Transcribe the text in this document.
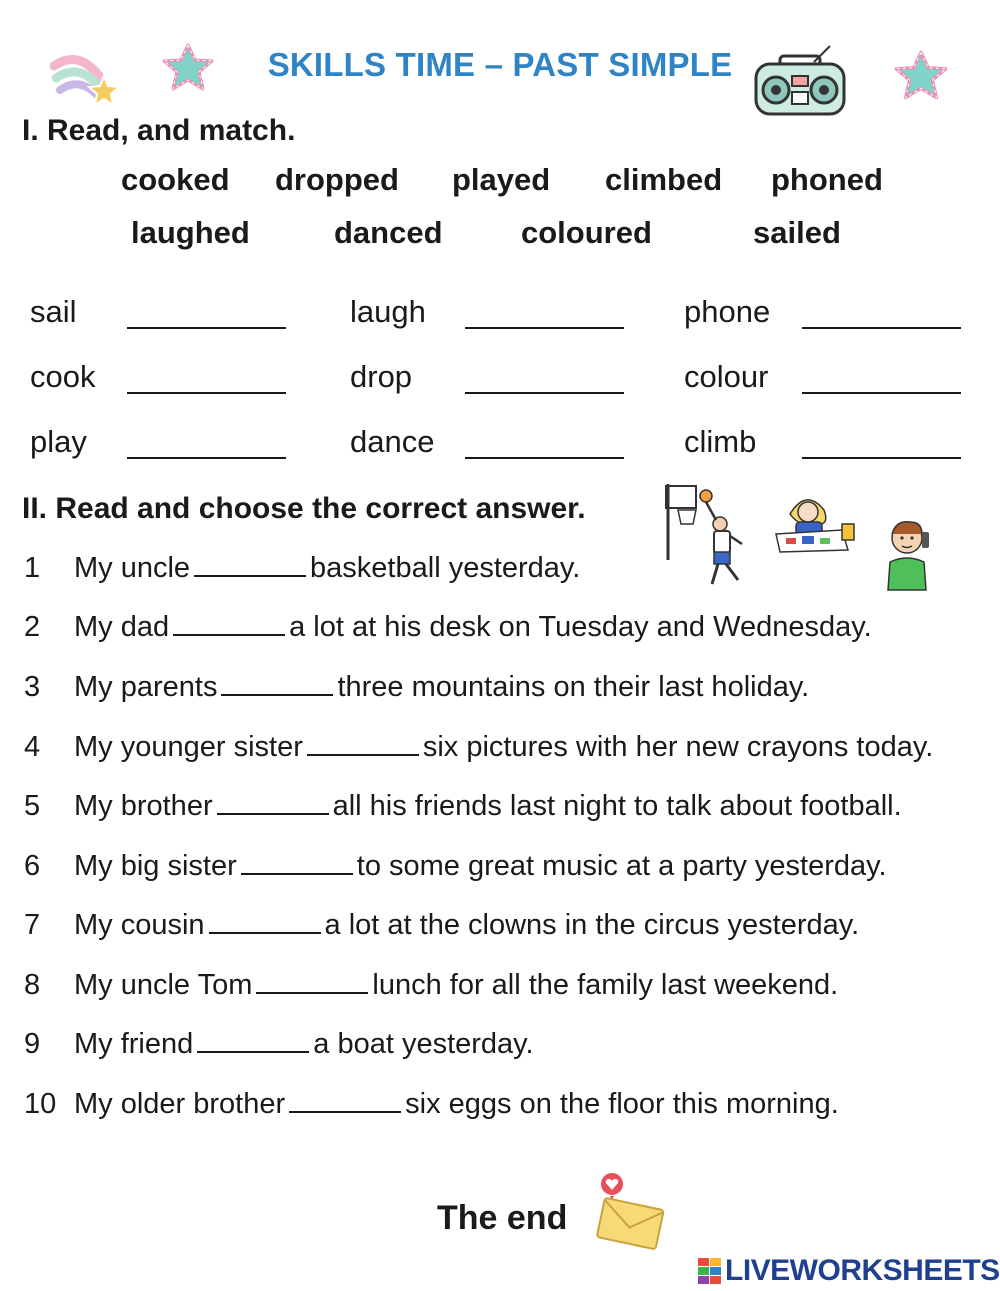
SKILLS TIME – PAST SIMPLE
I. Read, and match.
cooked dropped played climbed phoned
laughed	danced	coloured	sailed
sail	laugh	phone
cook	drop	colour
play	dance	climb
II. Read and choose the correct answer.
1 My uncle	basketball yesterday.
2 My dad	a lot at his desk on Tuesday and Wednesday.
3 My parents	three mountains on their last holiday.
4 My younger sister	six pictures with her new crayons today.
5 My brother	all his friends last night to talk about football.
6 My big sister	to some great music at a party yesterday.
7 My cousin	a lot at the clowns in the circus yesterday.
8 My uncle Tom	lunch for all the family last weekend.
9 My friend	a boat yesterday.
10 My older brother	six eggs on the floor this morning.
The end
LIVEWORKSHEETS
